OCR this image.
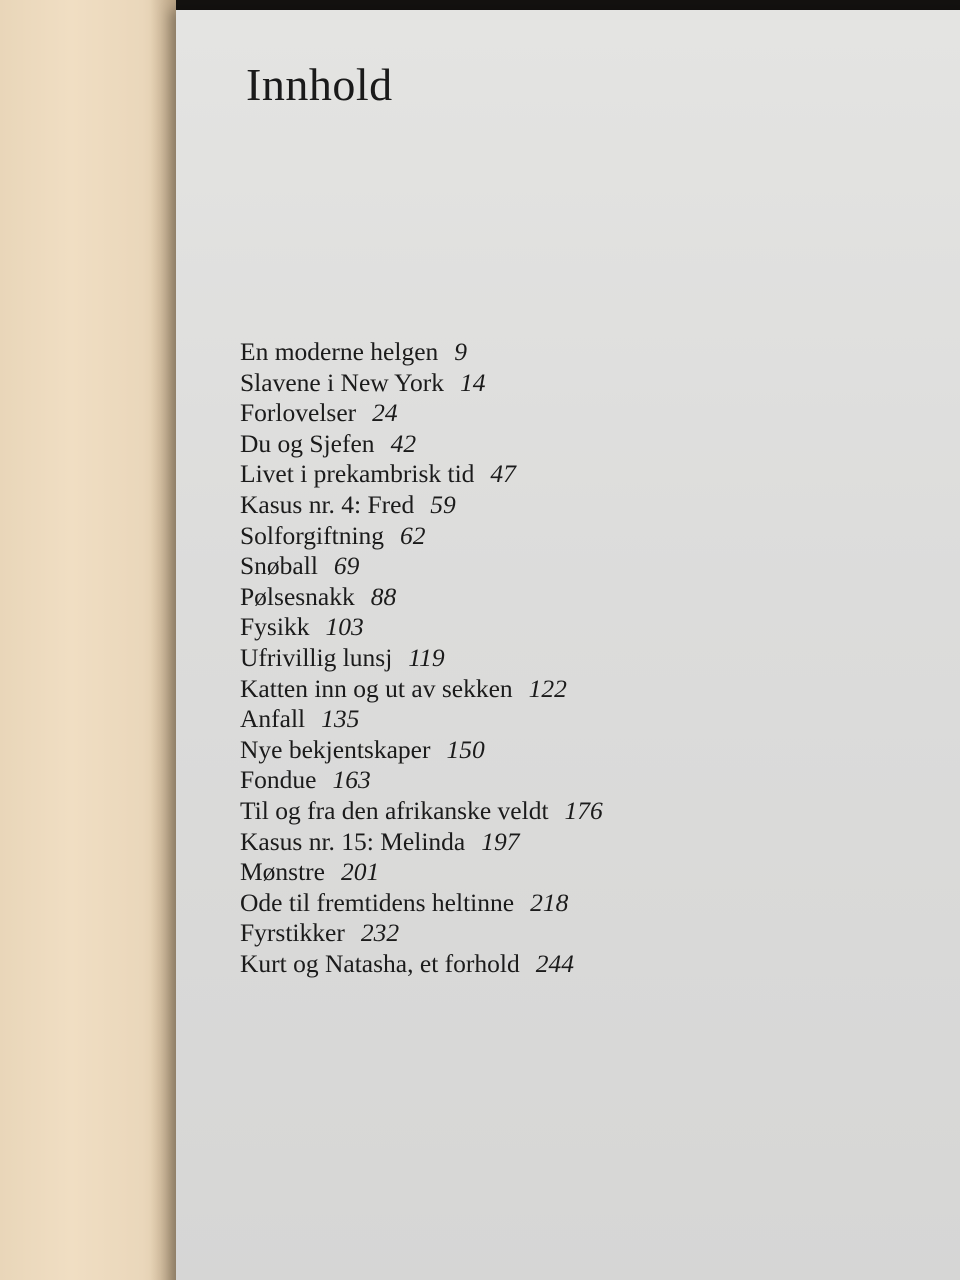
Innhold
En moderne helgen 9
Slavene i New York 14
Forlovelser 24
Du og Sjefen 42
Livet i prekambrisk tid 47
Kasus nr. 4: Fred 59
Solforgiftning 62
Snøball 69
Pølsesnakk 88
Fysikk 103
Ufrivillig lunsj 119
Katten inn og ut av sekken 122
Anfall 135
Nye bekjentskaper 150
Fondue 163
Til og fra den afrikanske veldt 176
Kasus nr. 15: Melinda 197
Mønstre 201
Ode til fremtidens heltinne 218
Fyrstikker 232
Kurt og Natasha, et forhold 244
